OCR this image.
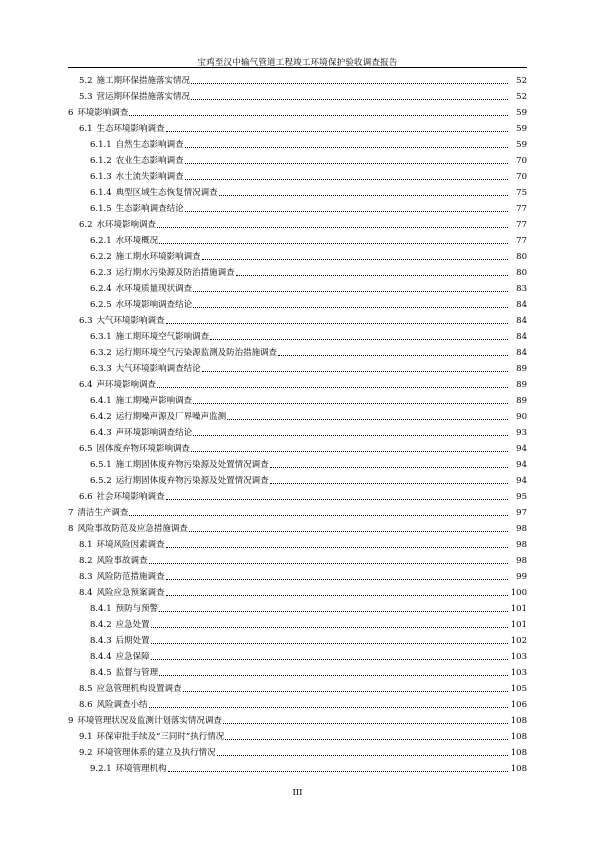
宝鸡至汉中输气管道工程竣工环境保护验收调查报告
5.2 施工期环保措施落实情况	52
5.3 营运期环保措施落实情况	52
6 环境影响调查	59
6.1 生态环境影响调查	59
6.1.1 自然生态影响调查	59
6.1.2 农业生态影响调查	70
6.1.3 水土流失影响调查	70
6.1.4 典型区域生态恢复情况调查	75
6.1.5 生态影响调查结论	77
6.2 水环境影响调查	77
6.2.1 水环境概况	77
6.2.2 施工期水环境影响调查	80
6.2.3 运行期水污染源及防治措施调查	80
6.2.4 水环境质量现状调查	83
6.2.5 水环境影响调查结论	84
6.3 大气环境影响调查	84
6.3.1 施工期环境空气影响调查	84
6.3.2 运行期环境空气污染源监测及防治措施调查	84
6.3.3 大气环境影响调查结论	89
6.4 声环境影响调查	89
6.4.1 施工期噪声影响调查	89
6.4.2 运行期噪声源及厂界噪声监测	90
6.4.3 声环境影响调查结论	93
6.5 固体废弃物环境影响调查	94
6.5.1 施工期固体废弃物污染源及处置情况调查	94
6.5.2 运行期固体废弃物污染源及处置情况调查	94
6.6 社会环境影响调查	95
7 清洁生产调查	97
8 风险事故防范及应急措施调查	98
8.1 环境风险因素调查	98
8.2 风险事故调查	98
8.3 风险防范措施调查	99
8.4 风险应急预案调查	100
8.4.1 预防与预警	101
8.4.2 应急处置	101
8.4.3 后期处置	102
8.4.4 应急保障	103
8.4.5 监督与管理	103
8.5 应急管理机构设置调查	105
8.6 风险调查小结	106
9 环境管理状况及监测计划落实情况调查	108
9.1 环保审批手续及“三同时”执行情况	108
9.2 环境管理体系的建立及执行情况	108
9.2.1 环境管理机构	108
III
